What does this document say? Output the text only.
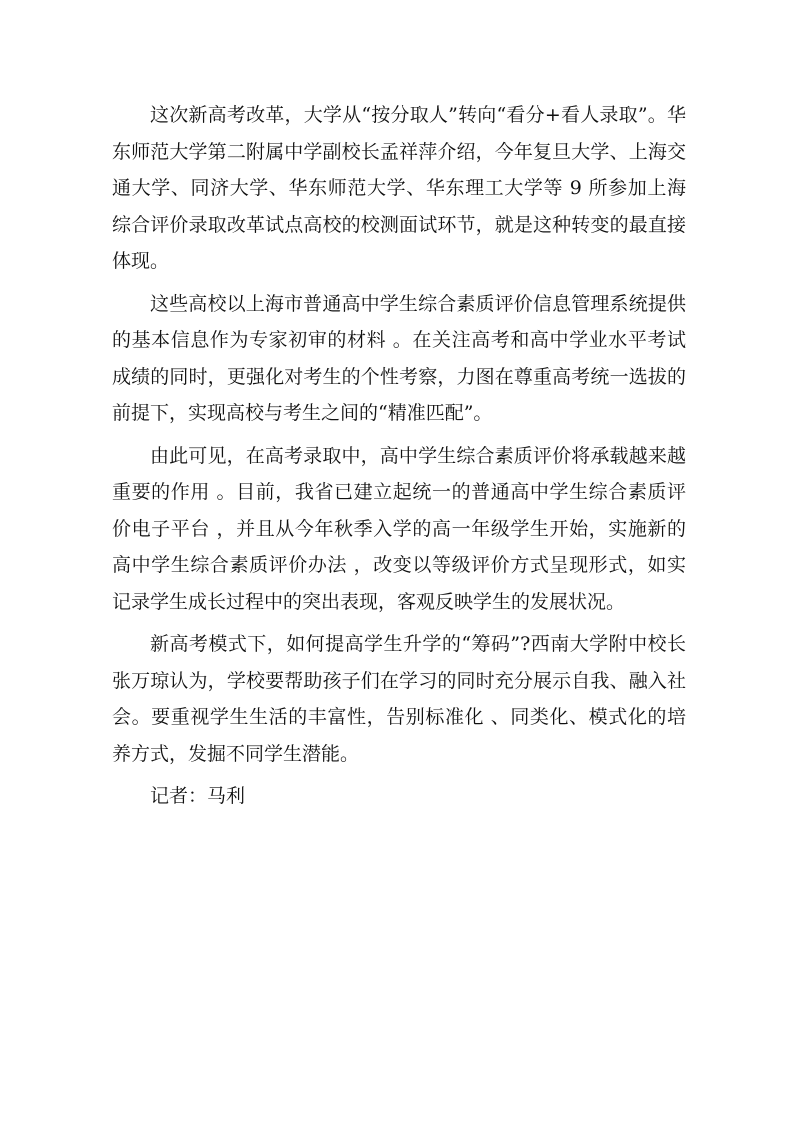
这次新高考改革，大学从“按分取人”转向“看分+看人录取”。华东师范大学第二附属中学副校长孟祥萍介绍，今年复旦大学、上海交通大学、同济大学、华东师范大学、华东理工大学等 9 所参加上海综合评价录取改革试点高校的校测面试环节，就是这种转变的最直接体现。

这些高校以上海市普通高中学生综合素质评价信息管理系统提供的基本信息作为专家初审的材料 。在关注高考和高中学业水平考试成绩的同时，更强化对考生的个性考察，力图在尊重高考统一选拔的前提下，实现高校与考生之间的“精准匹配”。

由此可见，在高考录取中，高中学生综合素质评价将承载越来越重要的作用 。目前，我省已建立起统一的普通高中学生综合素质评价电子平台 ，并且从今年秋季入学的高一年级学生开始，实施新的高中学生综合素质评价办法 ，改变以等级评价方式呈现形式，如实记录学生成长过程中的突出表现，客观反映学生的发展状况。

新高考模式下，如何提高学生升学的“筹码”?西南大学附中校长张万琼认为，学校要帮助孩子们在学习的同时充分展示自我、融入社会。要重视学生生活的丰富性，告别标准化 、同类化、模式化的培养方式，发掘不同学生潜能。

记者：马利
